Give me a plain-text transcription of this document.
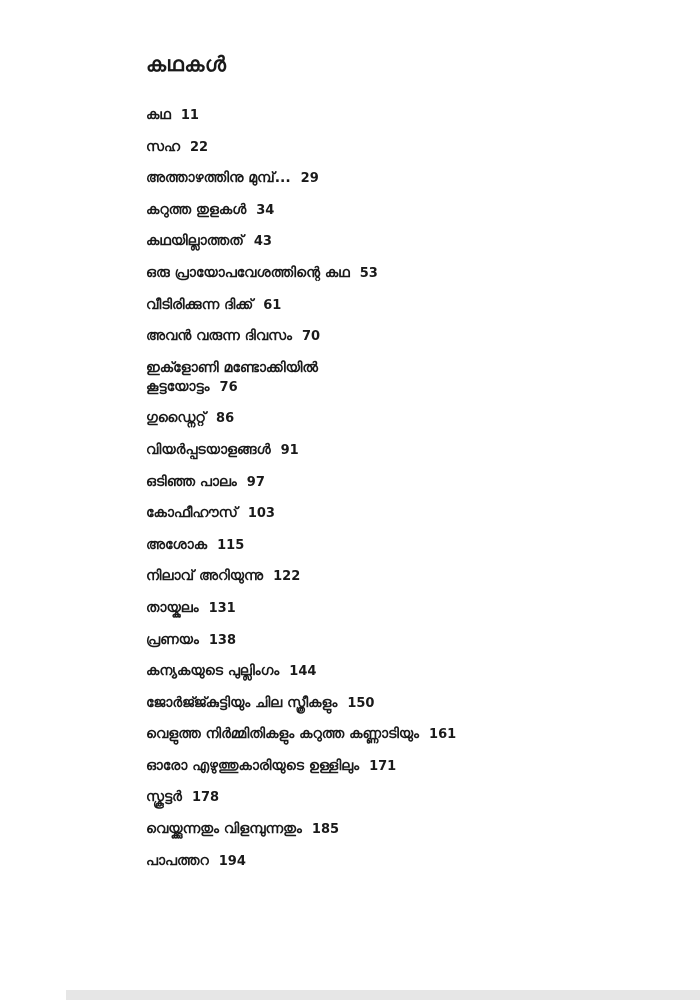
കഥകൾ
കഥ 11
സഹ 22
അത്താഴത്തിനു മുമ്പ്... 29
കറുത്ത തുളകൾ 34
കഥയില്ലാത്തത് 43
ഒരു പ്രായോപവേശത്തിന്റെ കഥ 53
വീടിരിക്കുന്ന ദിക്ക് 61
അവൻ വരുന്ന ദിവസം 70
ഇക്ളോണി മണ്ടോക്കിയിൽ
കൂട്ടയോട്ടം 76
ഗുഡ്നൈറ്റ് 86
വിയർപ്പടയാളങ്ങൾ 91
ഒടിഞ്ഞ പാലം 97
കോഫീഹൗസ് 103
അശോക 115
നിലാവ് അറിയുന്നു 122
തായ്കുലം 131
പ്രണയം 138
കന്യകയുടെ പുല്ലിംഗം 144
ജോർജ്ജ്കുട്ടിയും ചില സ്ത്രീകളും 150
വെളുത്ത നിർമ്മിതികളും കറുത്ത കണ്ണാടിയും 161
ഓരോ എഴുത്തുകാരിയുടെ ഉള്ളിലും 171
സ്കൂട്ടർ 178
വെയ്ക്കുന്നതും വിളമ്പുന്നതും 185
പാപത്തറ 194
